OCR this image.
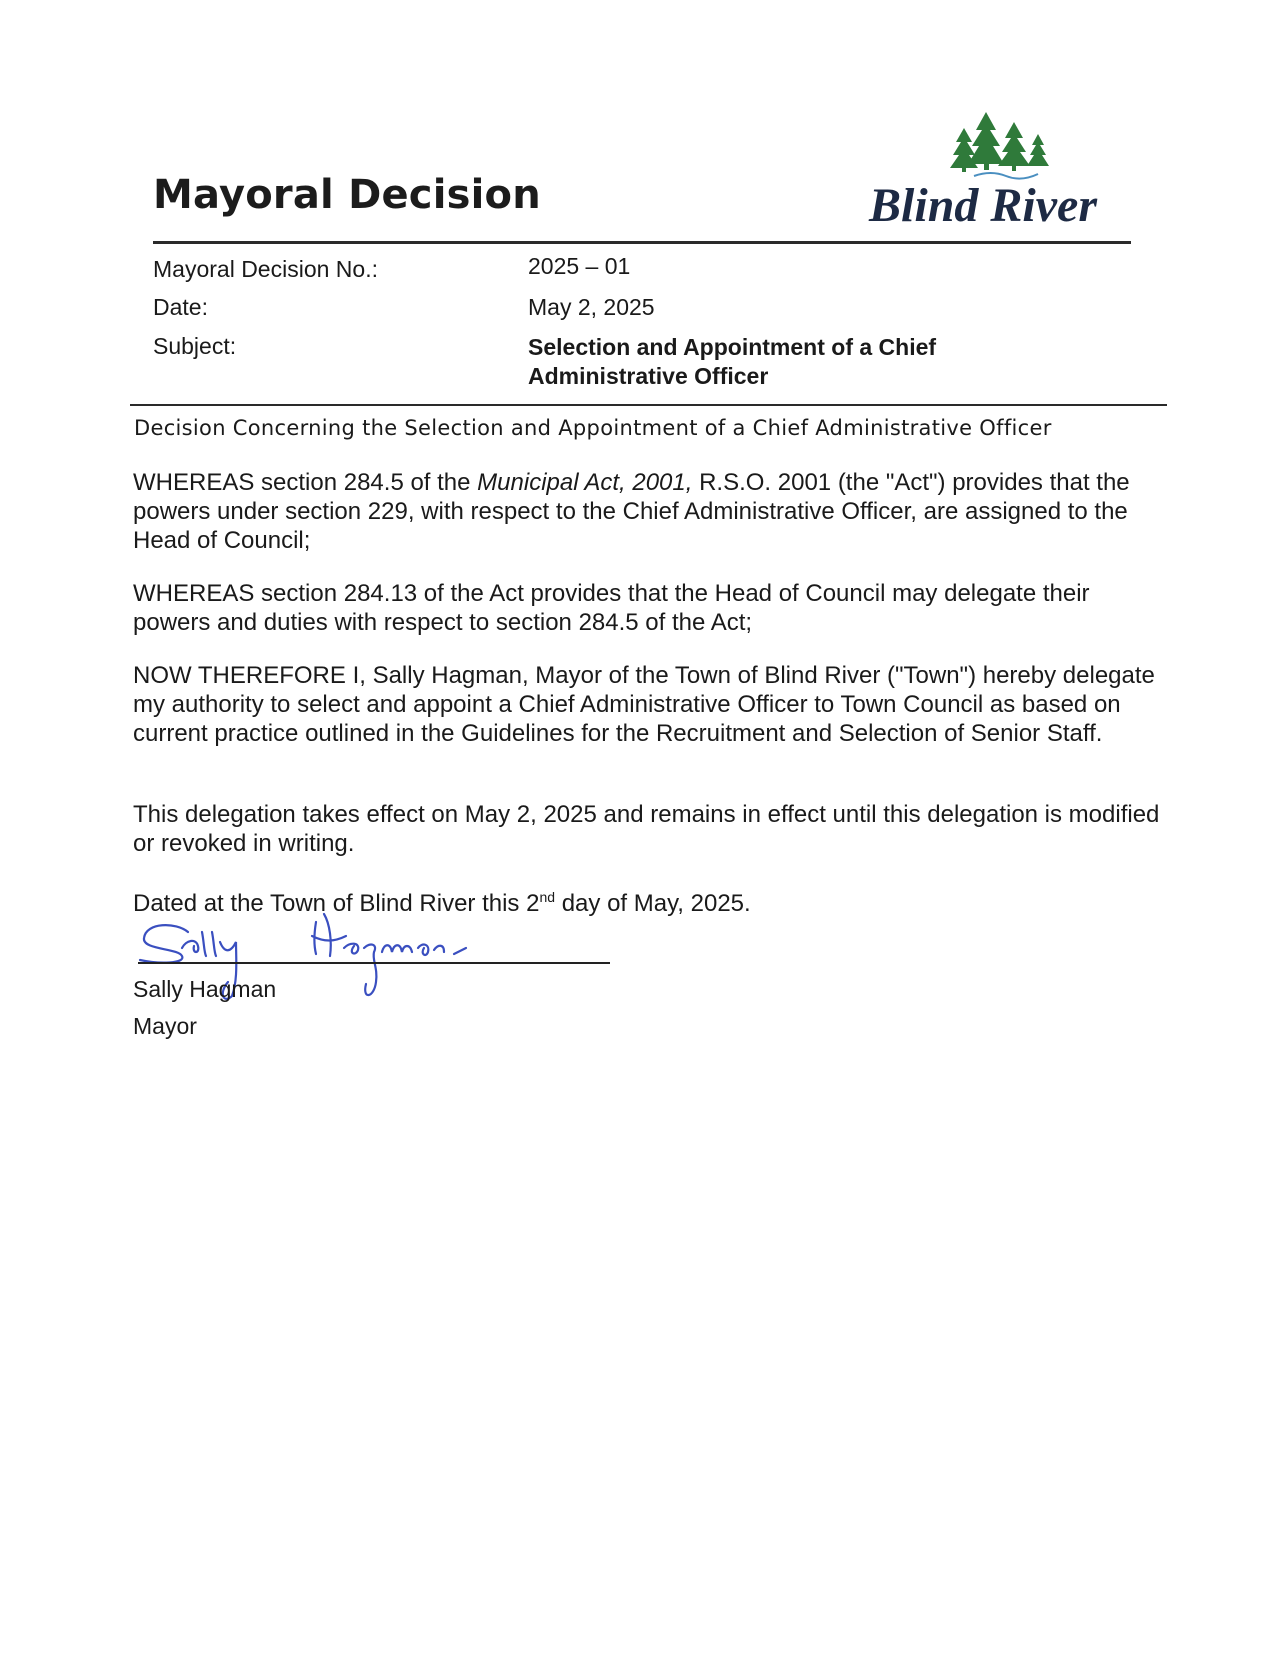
Mayoral Decision	Blind River
Mayoral Decision No.:	2025 – 01
Date:	May 2, 2025
Subject:	Selection and Appointment of a Chief Administrative Officer
Decision Concerning the Selection and Appointment of a Chief Administrative Officer
WHEREAS section 284.5 of the Municipal Act, 2001, R.S.O. 2001 (the "Act") provides that the powers under section 229, with respect to the Chief Administrative Officer, are assigned to the Head of Council;
WHEREAS section 284.13 of the Act provides that the Head of Council may delegate their powers and duties with respect to section 284.5 of the Act;
NOW THEREFORE I, Sally Hagman, Mayor of the Town of Blind River ("Town") hereby delegate my authority to select and appoint a Chief Administrative Officer to Town Council as based on current practice outlined in the Guidelines for the Recruitment and Selection of Senior Staff.
This delegation takes effect on May 2, 2025 and remains in effect until this delegation is modified or revoked in writing.
Dated at the Town of Blind River this 2nd day of May, 2025.
Sally Hagman
Mayor
